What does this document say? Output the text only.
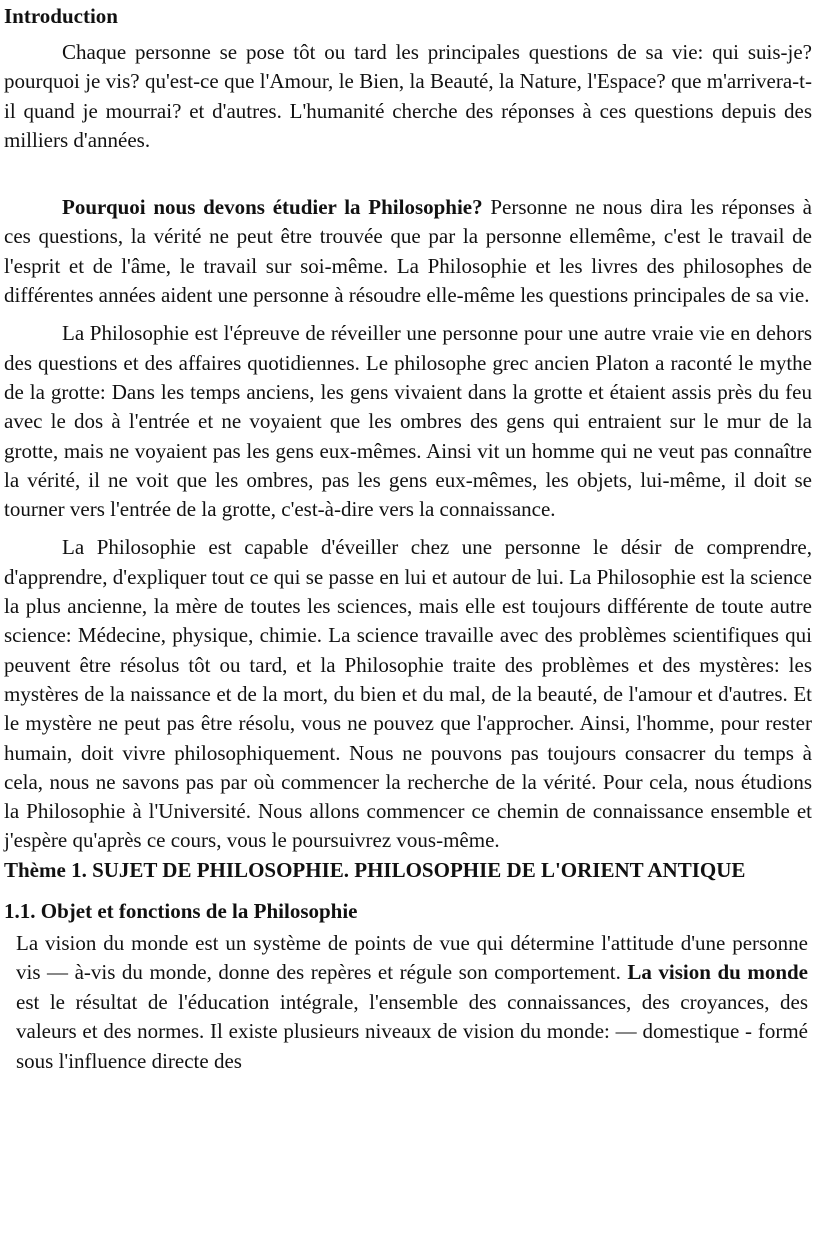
Introduction

Chaque personne se pose tôt ou tard les principales questions de sa vie: qui suis-je? pourquoi je vis? qu'est-ce que l'Amour, le Bien, la Beauté, la Nature, l'Espace? que m'arrivera-t-il quand je mourrai? et d'autres. L'humanité cherche des réponses à ces questions depuis des milliers d'années.

Pourquoi nous devons étudier la Philosophie? Personne ne nous dira les réponses à ces questions, la vérité ne peut être trouvée que par la personne ellemême, c'est le travail de l'esprit et de l'âme, le travail sur soi-même. La Philosophie et les livres des philosophes de différentes années aident une personne à résoudre elle-même les questions principales de sa vie.

La Philosophie est l'épreuve de réveiller une personne pour une autre vraie vie en dehors des questions et des affaires quotidiennes. Le philosophe grec ancien Platon a raconté le mythe de la grotte: Dans les temps anciens, les gens vivaient dans la grotte et étaient assis près du feu avec le dos à l'entrée et ne voyaient que les ombres des gens qui entraient sur le mur de la grotte, mais ne voyaient pas les gens eux-mêmes. Ainsi vit un homme qui ne veut pas connaître la vérité, il ne voit que les ombres, pas les gens eux-mêmes, les objets, lui-même, il doit se tourner vers l'entrée de la grotte, c'est-à-dire vers la connaissance.

La Philosophie est capable d'éveiller chez une personne le désir de comprendre, d'apprendre, d'expliquer tout ce qui se passe en lui et autour de lui. La Philosophie est la science la plus ancienne, la mère de toutes les sciences, mais elle est toujours différente de toute autre science: Médecine, physique, chimie. La science travaille avec des problèmes scientifiques qui peuvent être résolus tôt ou tard, et la Philosophie traite des problèmes et des mystères: les mystères de la naissance et de la mort, du bien et du mal, de la beauté, de l'amour et d'autres. Et le mystère ne peut pas être résolu, vous ne pouvez que l'approcher. Ainsi, l'homme, pour rester humain, doit vivre philosophiquement. Nous ne pouvons pas toujours consacrer du temps à cela, nous ne savons pas par où commencer la recherche de la vérité. Pour cela, nous étudions la Philosophie à l'Université. Nous allons commencer ce chemin de connaissance ensemble et j'espère qu'après ce cours, vous le poursuivrez vous-même.

Thème 1. SUJET DE PHILOSOPHIE. PHILOSOPHIE DE L'ORIENT ANTIQUE
1.1. Objet et fonctions de la Philosophie

La vision du monde est un système de points de vue qui détermine l'attitude d'une personne vis — à-vis du monde, donne des repères et régule son comportement. La vision du monde est le résultat de l'éducation intégrale, l'ensemble des connaissances, des croyances, des valeurs et des normes. Il existe plusieurs niveaux de vision du monde: — domestique - formé sous l'influence directe des
